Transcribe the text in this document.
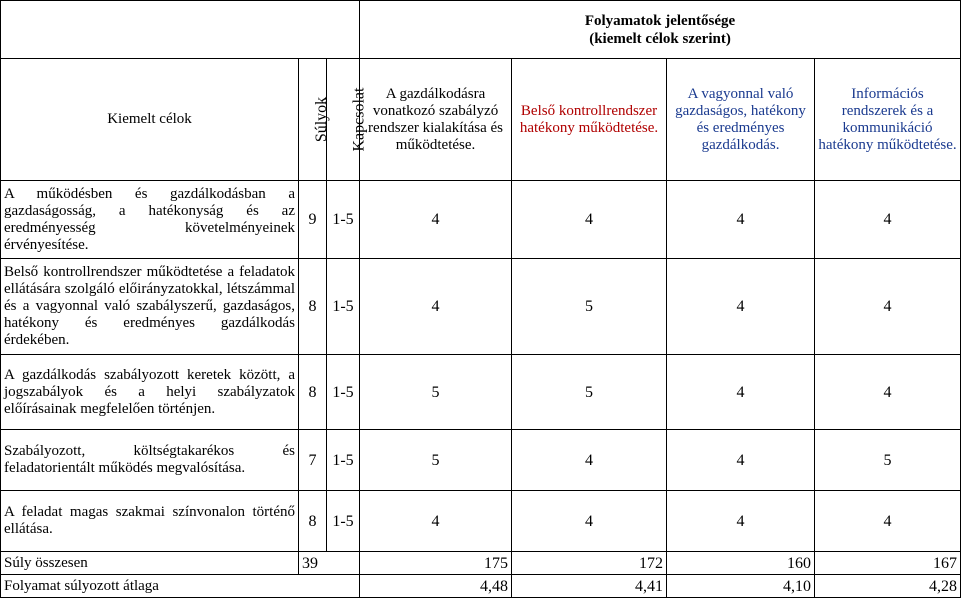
			Folyamatok jelentősége
(kiemelt célok szerint)			

Kiemelt célok	Súlyok	Kapcsolat	A gazdálkodásra vonatkozó szabályzó rendszer kialakítása és működtetése.	Belső kontrollrendszer hatékony működtetése.	A vagyonnal való gazdaságos, hatékony és eredményes gazdálkodás.	Információs rendszerek és a kommunikáció hatékony működtetése.
A működésben és gazdálkodásban a gazdaságosság, a hatékonyság és az eredményesség követelményeinek érvényesítése.	9	1-5	4	4	4	4
Belső kontrollrendszer működtetése a feladatok ellátására szolgáló előirányzatokkal, létszámmal és a vagyonnal való szabályszerű, gazdaságos, hatékony és eredményes gazdálkodás érdekében.	8	1-5	4	5	4	4
A gazdálkodás szabályozott keretek között, a jogszabályok és a helyi szabályzatok előírásainak megfelelően történjen.	8	1-5	5	5	4	4
Szabályozott, költségtakarékos és feladatorientált működés megvalósítása.	7	1-5	5	4	4	5
A feladat magas szakmai színvonalon történő ellátása.	8	1-5	4	4	4	4
Súly összesen	39		175	172	160	167
Folyamat súlyozott átlaga			4,48	4,41	4,10	4,28
